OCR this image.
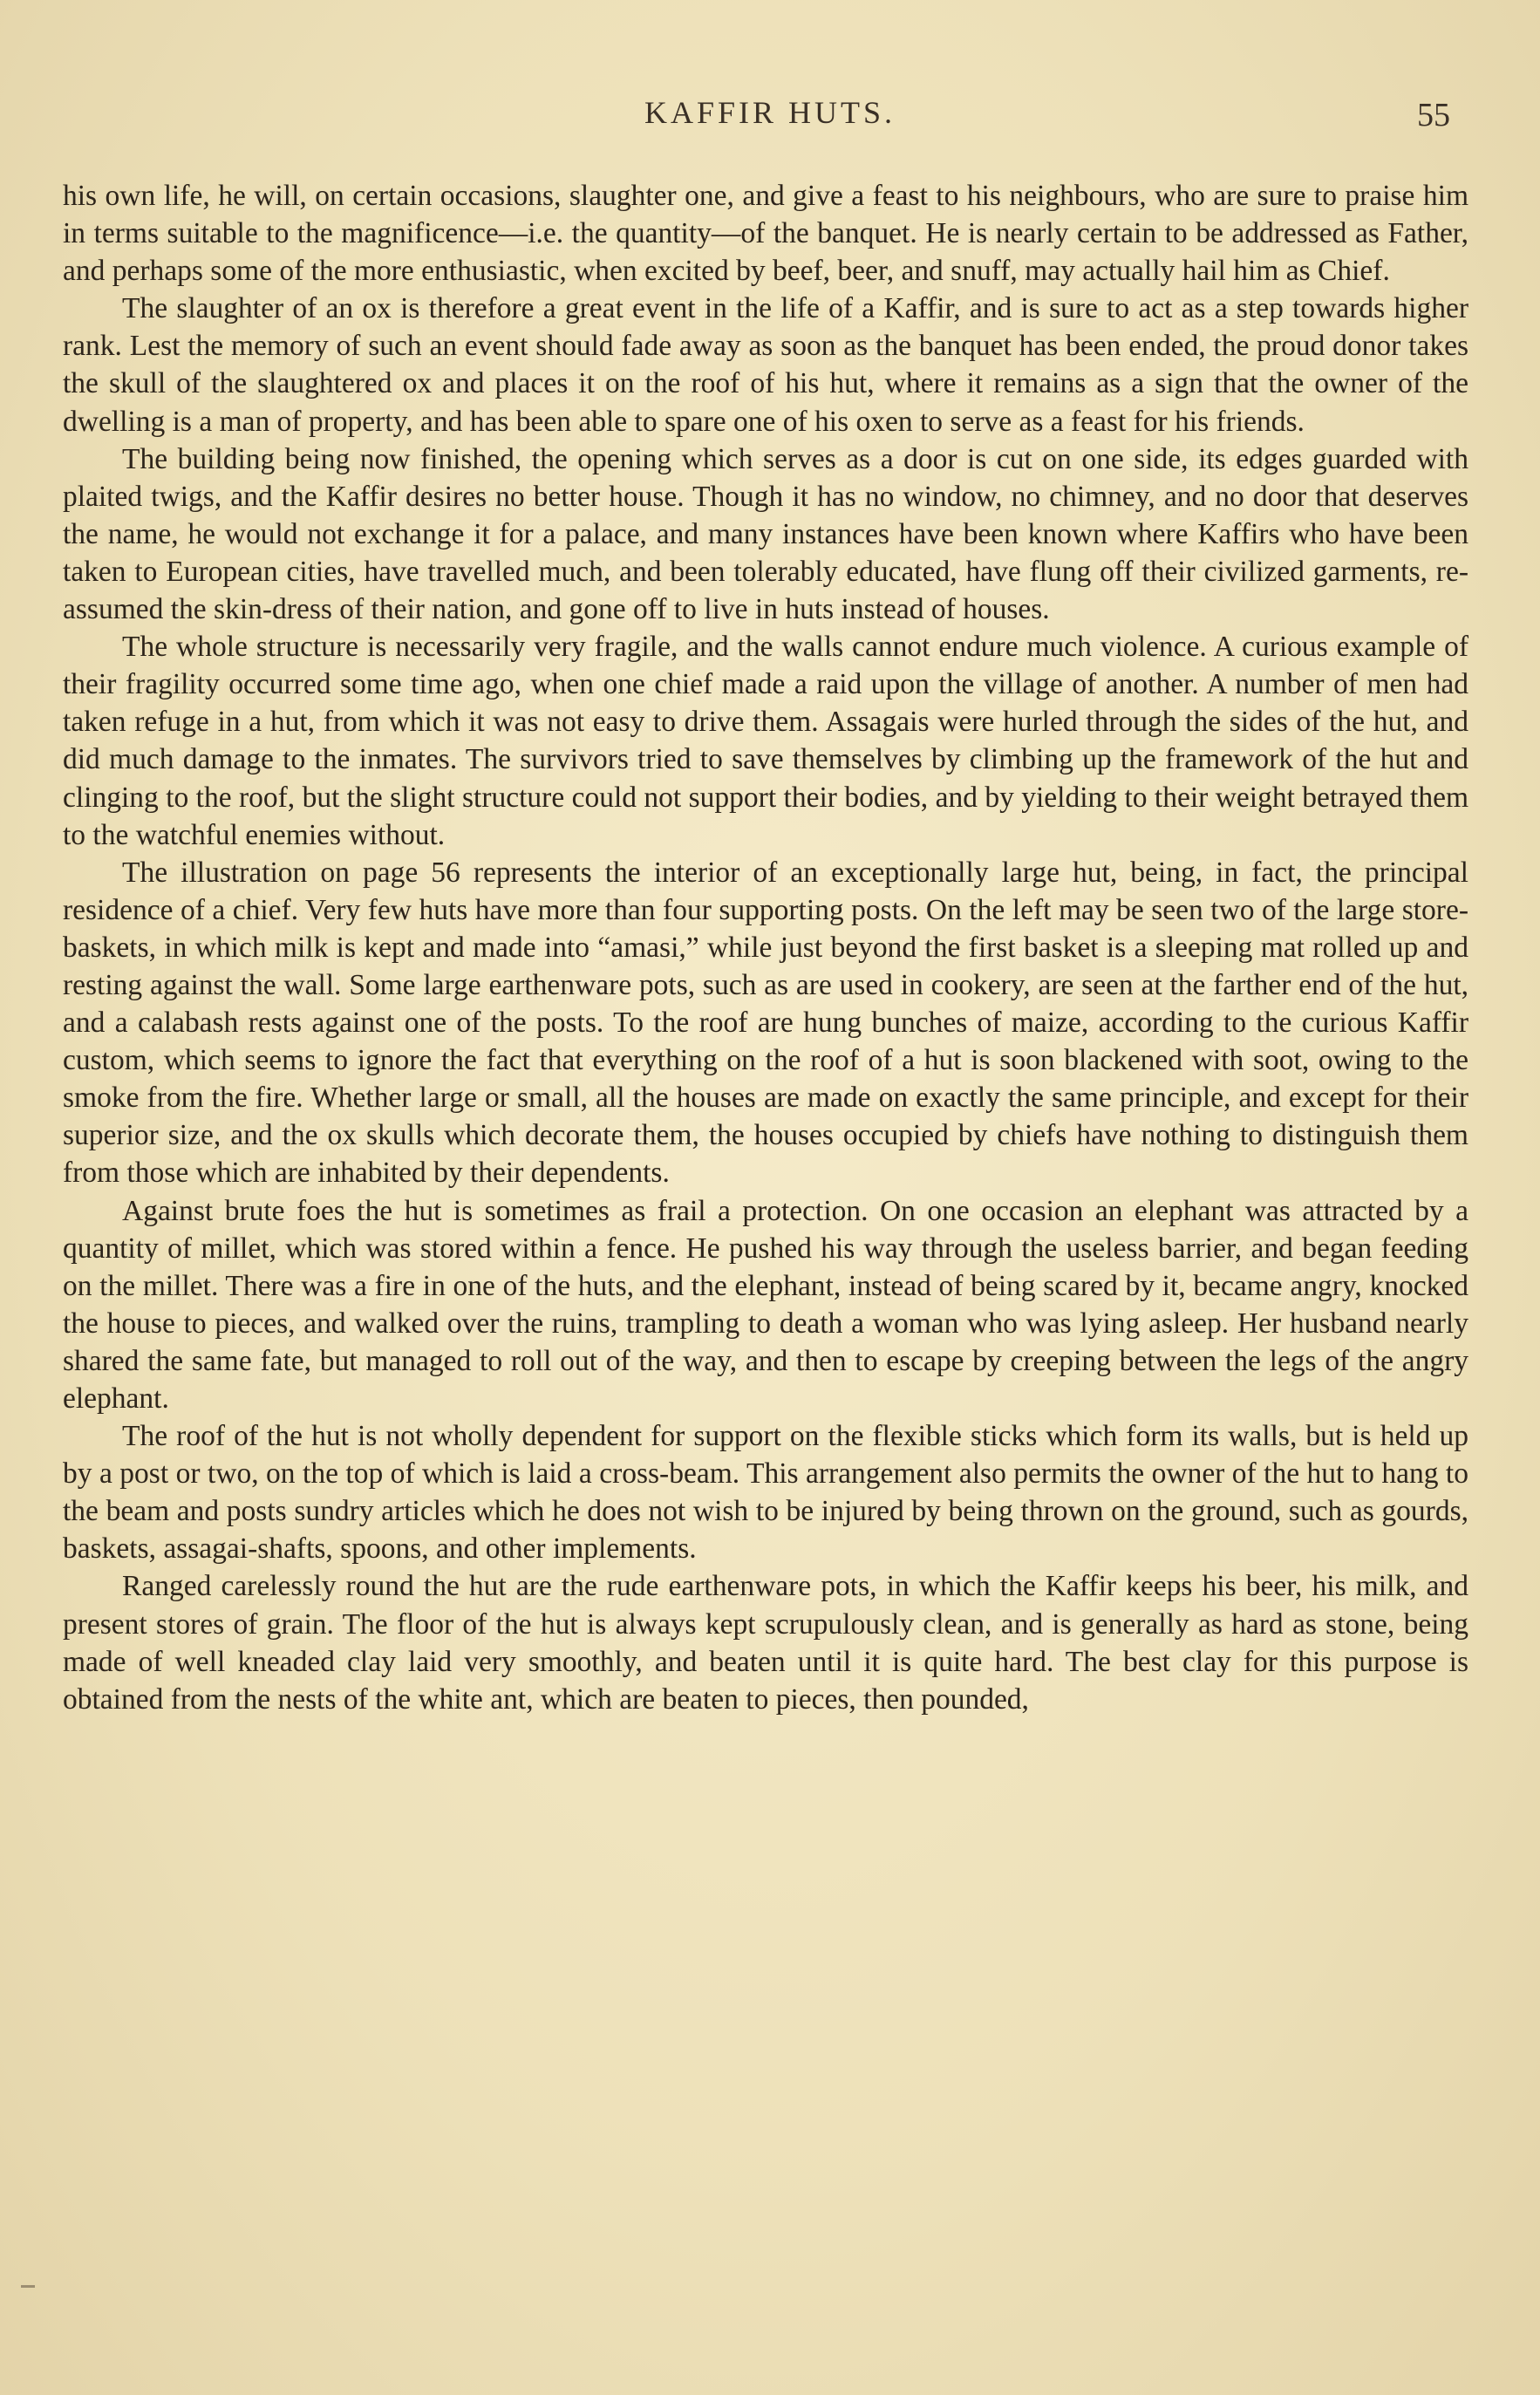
KAFFIR HUTS.	55

his own life, he will, on certain occasions, slaughter one, and give a feast to his neighbours, who are sure to praise him in terms suitable to the magnificence—i.e. the quantity—of the banquet. He is nearly certain to be addressed as Father, and perhaps some of the more enthusiastic, when excited by beef, beer, and snuff, may actually hail him as Chief.

The slaughter of an ox is therefore a great event in the life of a Kaffir, and is sure to act as a step towards higher rank. Lest the memory of such an event should fade away as soon as the banquet has been ended, the proud donor takes the skull of the slaughtered ox and places it on the roof of his hut, where it remains as a sign that the owner of the dwelling is a man of property, and has been able to spare one of his oxen to serve as a feast for his friends.

The building being now finished, the opening which serves as a door is cut on one side, its edges guarded with plaited twigs, and the Kaffir desires no better house. Though it has no window, no chimney, and no door that deserves the name, he would not exchange it for a palace, and many instances have been known where Kaffirs who have been taken to European cities, have travelled much, and been tolerably educated, have flung off their civilized garments, re-assumed the skin-dress of their nation, and gone off to live in huts instead of houses.

The whole structure is necessarily very fragile, and the walls cannot endure much violence. A curious example of their fragility occurred some time ago, when one chief made a raid upon the village of another. A number of men had taken refuge in a hut, from which it was not easy to drive them. Assagais were hurled through the sides of the hut, and did much damage to the inmates. The survivors tried to save themselves by climbing up the framework of the hut and clinging to the roof, but the slight structure could not support their bodies, and by yielding to their weight betrayed them to the watchful enemies without.

The illustration on page 56 represents the interior of an exceptionally large hut, being, in fact, the principal residence of a chief. Very few huts have more than four supporting posts. On the left may be seen two of the large store-baskets, in which milk is kept and made into “amasi,” while just beyond the first basket is a sleeping mat rolled up and resting against the wall. Some large earthenware pots, such as are used in cookery, are seen at the farther end of the hut, and a calabash rests against one of the posts. To the roof are hung bunches of maize, according to the curious Kaffir custom, which seems to ignore the fact that everything on the roof of a hut is soon blackened with soot, owing to the smoke from the fire. Whether large or small, all the houses are made on exactly the same principle, and except for their superior size, and the ox skulls which decorate them, the houses occupied by chiefs have nothing to distinguish them from those which are inhabited by their dependents.

Against brute foes the hut is sometimes as frail a protection. On one occasion an elephant was attracted by a quantity of millet, which was stored within a fence. He pushed his way through the useless barrier, and began feeding on the millet. There was a fire in one of the huts, and the elephant, instead of being scared by it, became angry, knocked the house to pieces, and walked over the ruins, trampling to death a woman who was lying asleep. Her husband nearly shared the same fate, but managed to roll out of the way, and then to escape by creeping between the legs of the angry elephant.

The roof of the hut is not wholly dependent for support on the flexible sticks which form its walls, but is held up by a post or two, on the top of which is laid a cross-beam. This arrangement also permits the owner of the hut to hang to the beam and posts sundry articles which he does not wish to be injured by being thrown on the ground, such as gourds, baskets, assagai-shafts, spoons, and other implements.

Ranged carelessly round the hut are the rude earthenware pots, in which the Kaffir keeps his beer, his milk, and present stores of grain. The floor of the hut is always kept scrupulously clean, and is generally as hard as stone, being made of well kneaded clay laid very smoothly, and beaten until it is quite hard. The best clay for this purpose is obtained from the nests of the white ant, which are beaten to pieces, then pounded,
